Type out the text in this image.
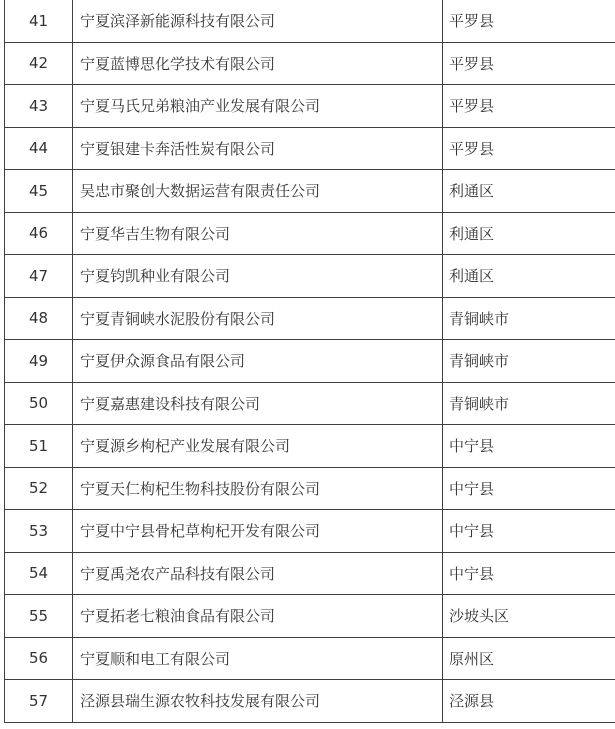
41	宁夏滨泽新能源科技有限公司	平罗县
42	宁夏蓝博思化学技术有限公司	平罗县
43	宁夏马氏兄弟粮油产业发展有限公司	平罗县
44	宁夏银建卡奔活性炭有限公司	平罗县
45	吴忠市聚创大数据运营有限责任公司	利通区
46	宁夏华吉生物有限公司	利通区
47	宁夏钧凯种业有限公司	利通区
48	宁夏青铜峡水泥股份有限公司	青铜峡市
49	宁夏伊众源食品有限公司	青铜峡市
50	宁夏嘉惠建设科技有限公司	青铜峡市
51	宁夏源乡枸杞产业发展有限公司	中宁县
52	宁夏天仁枸杞生物科技股份有限公司	中宁县
53	宁夏中宁县骨杞草枸杞开发有限公司	中宁县
54	宁夏禹尧农产品科技有限公司	中宁县
55	宁夏拓老七粮油食品有限公司	沙坡头区
56	宁夏顺和电工有限公司	原州区
57	泾源县瑞生源农牧科技发展有限公司	泾源县
